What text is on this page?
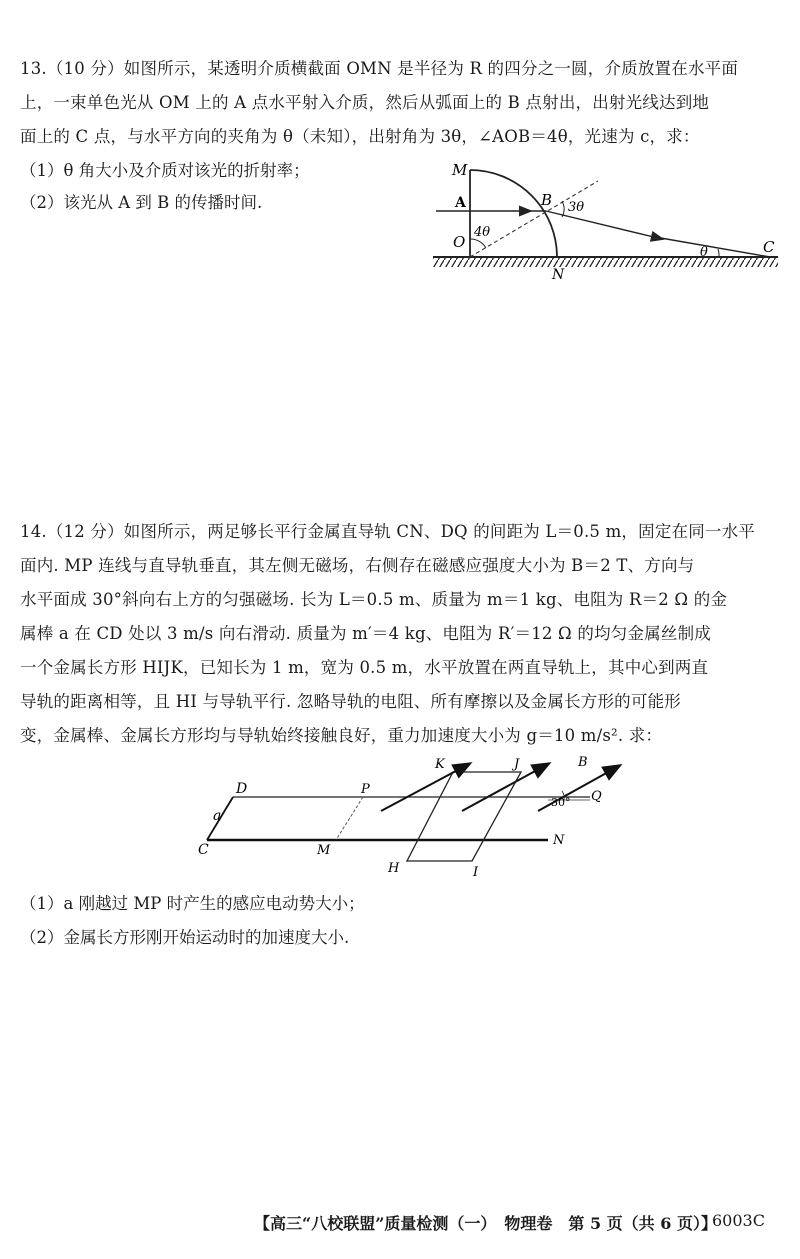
13.（10 分）如图所示，某透明介质横截面 OMN 是半径为 R 的四分之一圆，介质放置在水平面
上，一束单色光从 OM 上的 A 点水平射入介质，然后从弧面上的 B 点射出，出射光线达到地
面上的 C 点，与水平方向的夹角为 θ（未知），出射角为 3θ，∠AOB＝4θ，光速为 c，求：
（1）θ 角大小及介质对该光的折射率；
（2）该光从 A 到 B 的传播时间.
M
A	B
O
N
C
4θ
3θ
θ
14.（12 分）如图所示，两足够长平行金属直导轨 CN、DQ 的间距为 L＝0.5 m，固定在同一水平
面内. MP 连线与直导轨垂直，其左侧无磁场，右侧存在磁感应强度大小为 B＝2 T、方向与
水平面成 30°斜向右上方的匀强磁场. 长为 L＝0.5 m、质量为 m＝1 kg、电阻为 R＝2 Ω 的金
属棒 a 在 CD 处以 3 m/s 向右滑动. 质量为 m′＝4 kg、电阻为 R′＝12 Ω 的均匀金属丝制成
一个金属长方形 HIJK，已知长为 1 m，宽为 0.5 m，水平放置在两直导轨上，其中心到两直
导轨的距离相等，且 HI 与导轨平行. 忽略导轨的电阻、所有摩擦以及金属长方形的可能形
变，金属棒、金属长方形均与导轨始终接触良好，重力加速度大小为 g＝10 m/s². 求：
D	P
K	J	B
Q
30°
a
C	M
N
H	I
（1）a 刚越过 MP 时产生的感应电动势大小；
（2）金属长方形刚开始运动时的加速度大小.
【高三“八校联盟”质量检测（一）　物理卷　第 5 页（共 6 页）】
6003C
